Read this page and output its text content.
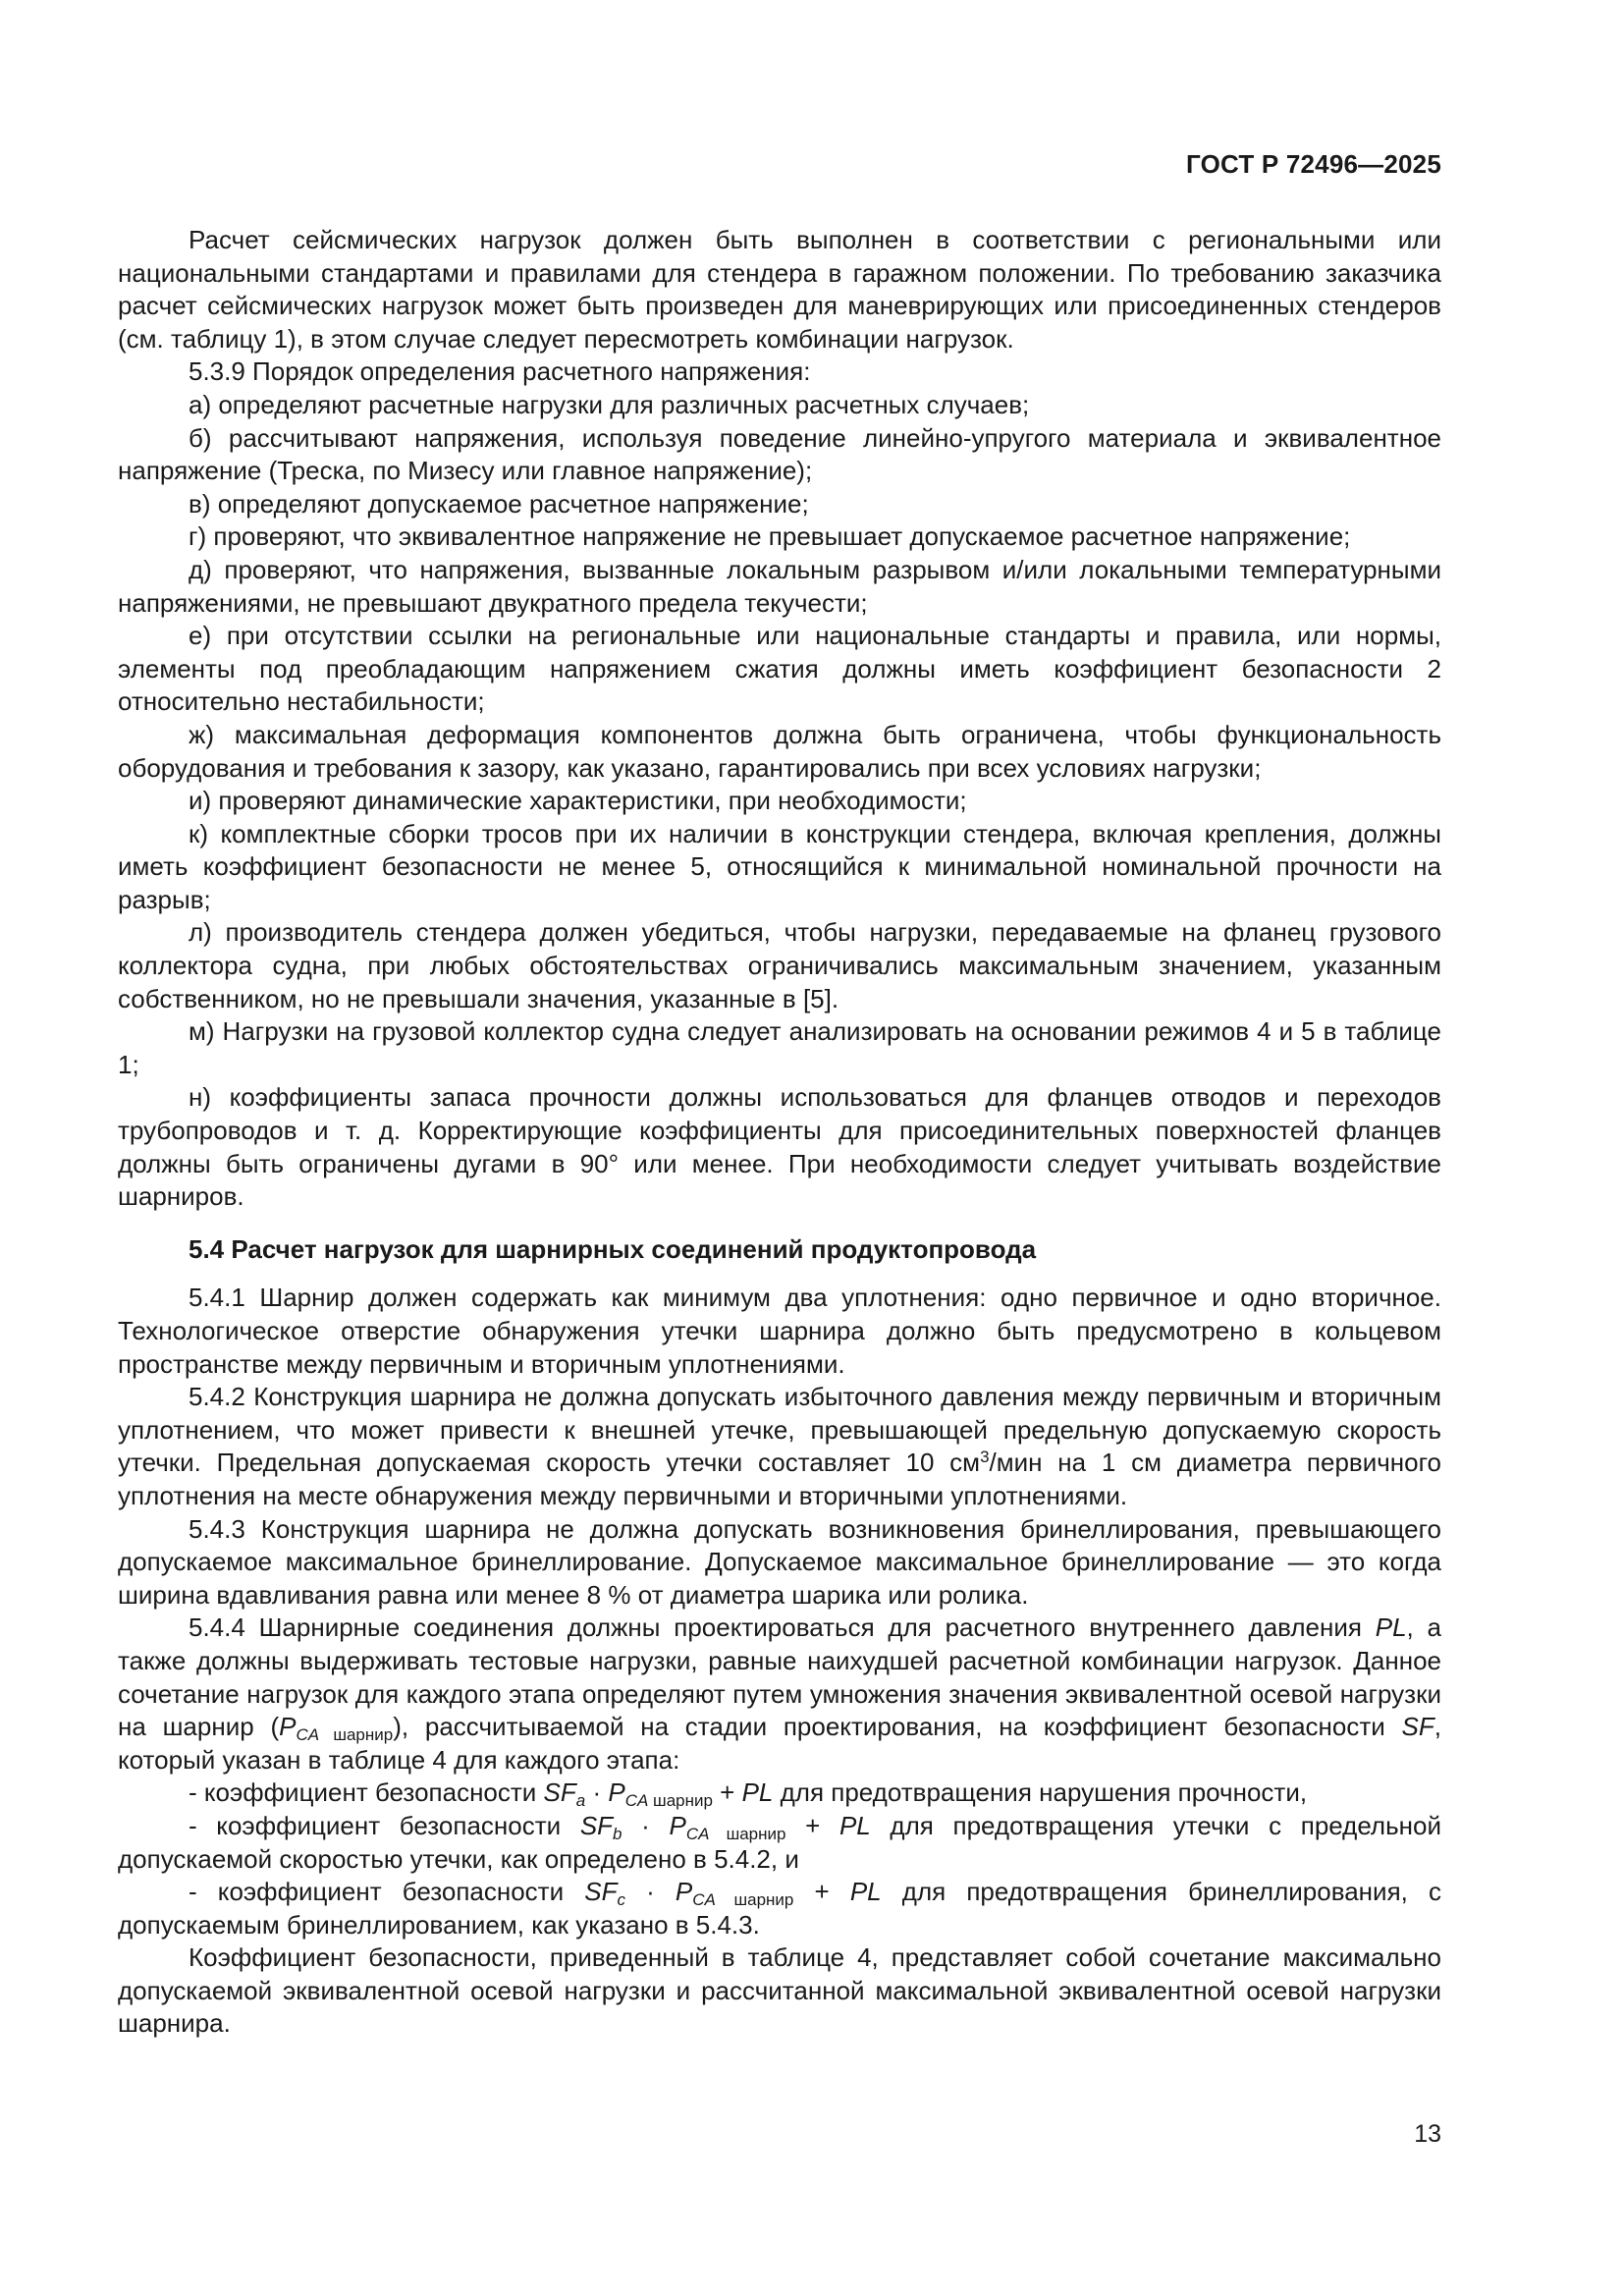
ГОСТ Р 72496—2025

Расчет сейсмических нагрузок должен быть выполнен в соответствии с региональными или национальными стандартами и правилами для стендера в гаражном положении. По требованию заказчика расчет сейсмических нагрузок может быть произведен для маневрирующих или присоединенных стендеров (см. таблицу 1), в этом случае следует пересмотреть комбинации нагрузок.

5.3.9 Порядок определения расчетного напряжения:

а) определяют расчетные нагрузки для различных расчетных случаев;

б) рассчитывают напряжения, используя поведение линейно-упругого материала и эквивалентное напряжение (Треска, по Мизесу или главное напряжение);

в) определяют допускаемое расчетное напряжение;

г) проверяют, что эквивалентное напряжение не превышает допускаемое расчетное напряжение;

д) проверяют, что напряжения, вызванные локальным разрывом и/или локальными температурными напряжениями, не превышают двукратного предела текучести;

е) при отсутствии ссылки на региональные или национальные стандарты и правила, или нормы, элементы под преобладающим напряжением сжатия должны иметь коэффициент безопасности 2 относительно нестабильности;

ж) максимальная деформация компонентов должна быть ограничена, чтобы функциональность оборудования и требования к зазору, как указано, гарантировались при всех условиях нагрузки;

и) проверяют динамические характеристики, при необходимости;

к) комплектные сборки тросов при их наличии в конструкции стендера, включая крепления, должны иметь коэффициент безопасности не менее 5, относящийся к минимальной номинальной прочности на разрыв;

л) производитель стендера должен убедиться, чтобы нагрузки, передаваемые на фланец грузового коллектора судна, при любых обстоятельствах ограничивались максимальным значением, указанным собственником, но не превышали значения, указанные в [5].

м) Нагрузки на грузовой коллектор судна следует анализировать на основании режимов 4 и 5 в таблице 1;

н) коэффициенты запаса прочности должны использоваться для фланцев отводов и переходов трубопроводов и т. д. Корректирующие коэффициенты для присоединительных поверхностей фланцев должны быть ограничены дугами в 90° или менее. При необходимости следует учитывать воздействие шарниров.

5.4 Расчет нагрузок для шарнирных соединений продуктопровода

5.4.1 Шарнир должен содержать как минимум два уплотнения: одно первичное и одно вторичное. Технологическое отверстие обнаружения утечки шарнира должно быть предусмотрено в кольцевом пространстве между первичным и вторичным уплотнениями.

5.4.2 Конструкция шарнира не должна допускать избыточного давления между первичным и вторичным уплотнением, что может привести к внешней утечке, превышающей предельную допускаемую скорость утечки. Предельная допускаемая скорость утечки составляет 10 $см^3$/мин на 1 см диаметра первичного уплотнения на месте обнаружения между первичными и вторичными уплотнениями.

5.4.3 Конструкция шарнира не должна допускать возникновения бринеллирования, превышающего допускаемое максимальное бринеллирование. Допускаемое максимальное бринеллирование — это когда ширина вдавливания равна или менее 8 % от диаметра шарика или ролика.

5.4.4 Шарнирные соединения должны проектироваться для расчетного внутреннего давления PL, а также должны выдерживать тестовые нагрузки, равные наихудшей расчетной комбинации нагрузок. Данное сочетание нагрузок для каждого этапа определяют путем умножения значения эквивалентной осевой нагрузки на шарнир $(P_{CA шарнир})$, рассчитываемой на стадии проектирования, на коэффициент безопасности SF, который указан в таблице 4 для каждого этапа:

- коэффициент безопасности $SF_a \cdot P_{CA шарнир}$ + PL для предотвращения нарушения прочности,

- коэффициент безопасности $SF_b \cdot P_{CA шарнир}$ + PL для предотвращения утечки с предельной допускаемой скоростью утечки, как определено в 5.4.2, и

- коэффициент безопасности $SF_c \cdot P_{CA шарнир}$ + PL для предотвращения бринеллирования, с допускаемым бринеллированием, как указано в 5.4.3.

Коэффициент безопасности, приведенный в таблице 4, представляет собой сочетание максимально допускаемой эквивалентной осевой нагрузки и рассчитанной максимальной эквивалентной осевой нагрузки шарнира.

13
